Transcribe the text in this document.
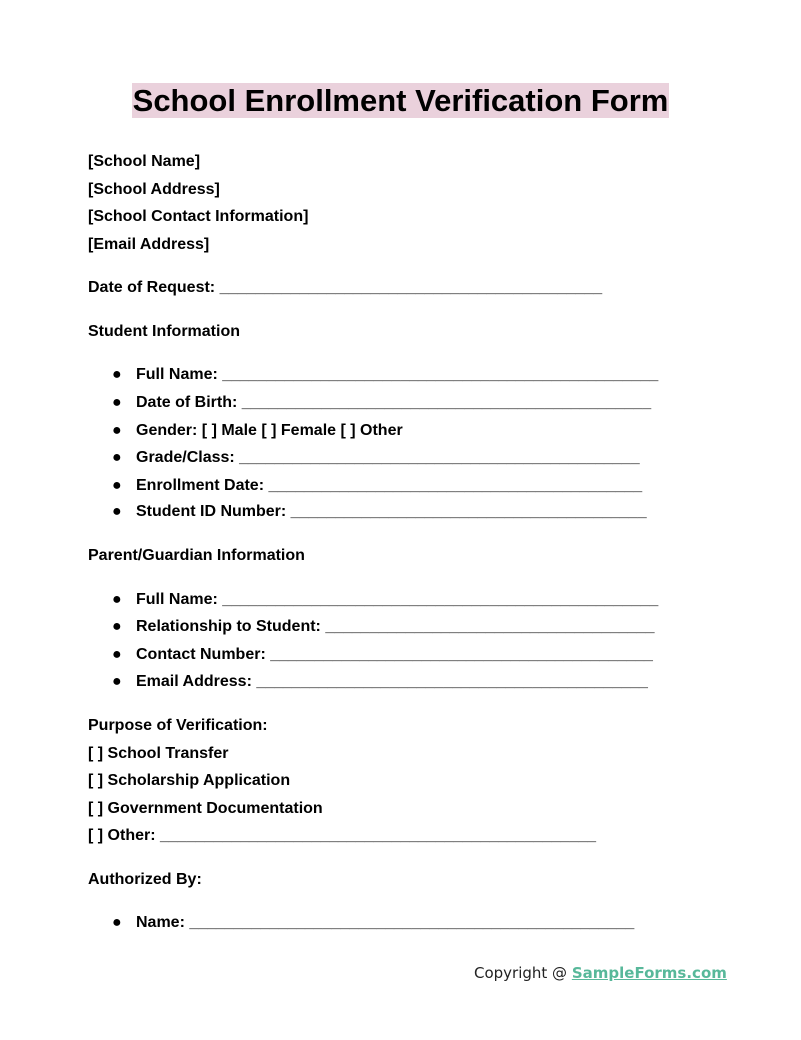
School Enrollment Verification Form
[School Name]
[School Address]
[School Contact Information]
[Email Address]
Date of Request: ___________________________________________
Student Information
● Full Name: _________________________________________________
● Date of Birth: ______________________________________________
● Gender: [ ] Male [ ] Female [ ] Other
● Grade/Class: _____________________________________________
● Enrollment Date: __________________________________________
● Student ID Number: ________________________________________
Parent/Guardian Information
● Full Name: _________________________________________________
● Relationship to Student: _____________________________________
● Contact Number: ___________________________________________
● Email Address: ____________________________________________
Purpose of Verification:
[ ] School Transfer
[ ] Scholarship Application
[ ] Government Documentation
[ ] Other: _________________________________________________
Authorized By:
● Name: __________________________________________________
Copyright @ SampleForms.com
